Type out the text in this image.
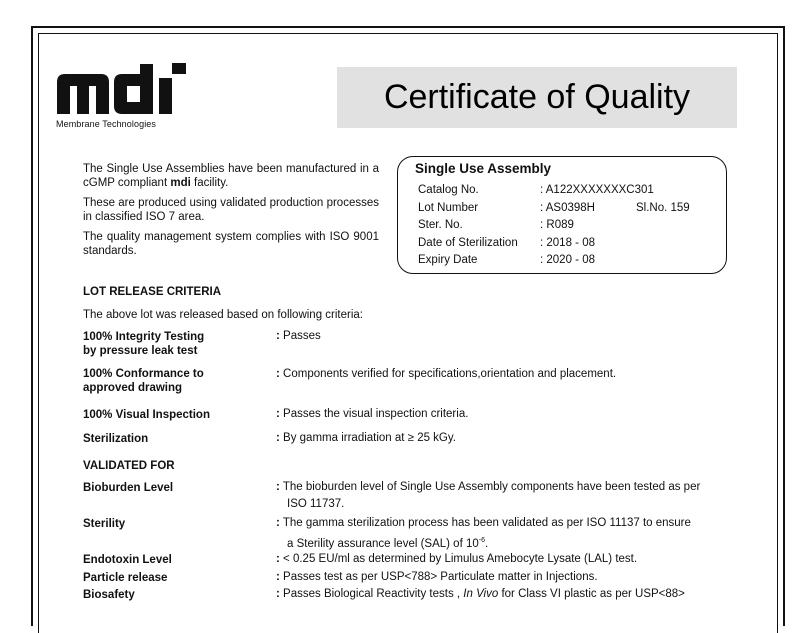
Membrane Technologies
Certificate of Quality

The Single Use Assemblies have been manufactured in a cGMP compliant mdi facility.

These are produced using validated production processes in classified ISO 7 area.

The quality management system complies with ISO 9001 standards.

Single Use Assembly
Catalog No.	: A122XXXXXXXC301
Lot Number	: AS0398H	Sl.No. 159
Ster. No.	: R089
Date of Sterilization : 2018 - 08
Expiry Date	: 2020 - 08
LOT RELEASE CRITERIA
The above lot was released based on following criteria:
100% Integrity Testing
by pressure leak test
: Passes
100% Conformance to
approved drawing
: Components verified for specifications,orientation and placement.
100% Visual Inspection	: Passes the visual inspection criteria.
Sterilization	: By gamma irradiation at ≥ 25 kGy.
VALIDATED FOR
Bioburden Level	: The bioburden level of Single Use Assembly components have been tested as per
ISO 11737.
Sterility	: The gamma sterilization process has been validated as per ISO 11137 to ensure
a Sterility assurance level (SAL) of $10^{-6}$.
Endotoxin Level	: < 0.25 EU/ml as determined by Limulus Amebocyte Lysate (LAL) test.
Particle release	: Passes test as per USP<788> Particulate matter in Injections.
Biosafety	: Passes Biological Reactivity tests , In Vivo for Class VI plastic as per USP<88>
